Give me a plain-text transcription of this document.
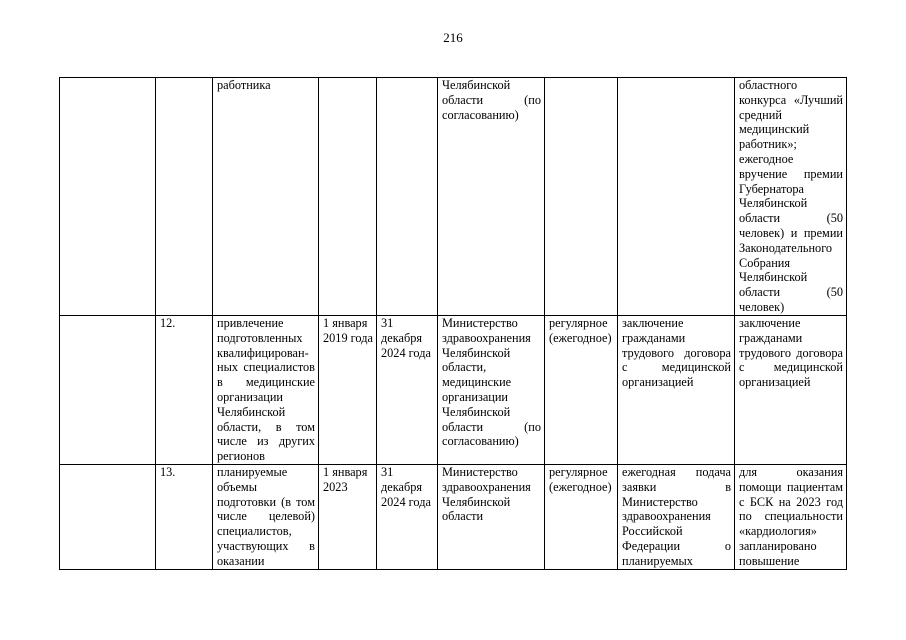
216
		работника			Челябинской области (по согласованию)			областного конкурса «Лучший средний медицинский работник»; ежегодное вручение премии Губернатора Челябинской области (50 человек) и премии Законодательного Собрания Челябинской области (50 человек)
	12.	привлечение подготовленных квалифицирован-ных специалистов в медицинские организации Челябинской области, в том числе из других регионов	1 января 2019 года	31 декабря 2024 года	Министерство здравоохранения Челябинской области, медицинские организации Челябинской области (по согласованию)	регулярное (ежегодное)	заключение гражданами трудового договора с медицинской организацией	заключение гражданами трудового договора с медицинской организацией
	13.	планируемые объемы подготовки (в том числе целевой) специалистов, участвующих в оказании	1 января 2023	31 декабря 2024 года	Министерство здравоохранения Челябинской области	регулярное (ежегодное)	ежегодная подача заявки в Министерство здравоохранения Российской Федерации о планируемых	для оказания помощи пациентам с БСК на 2023 год по специальности «кардиология» запланировано повышение
